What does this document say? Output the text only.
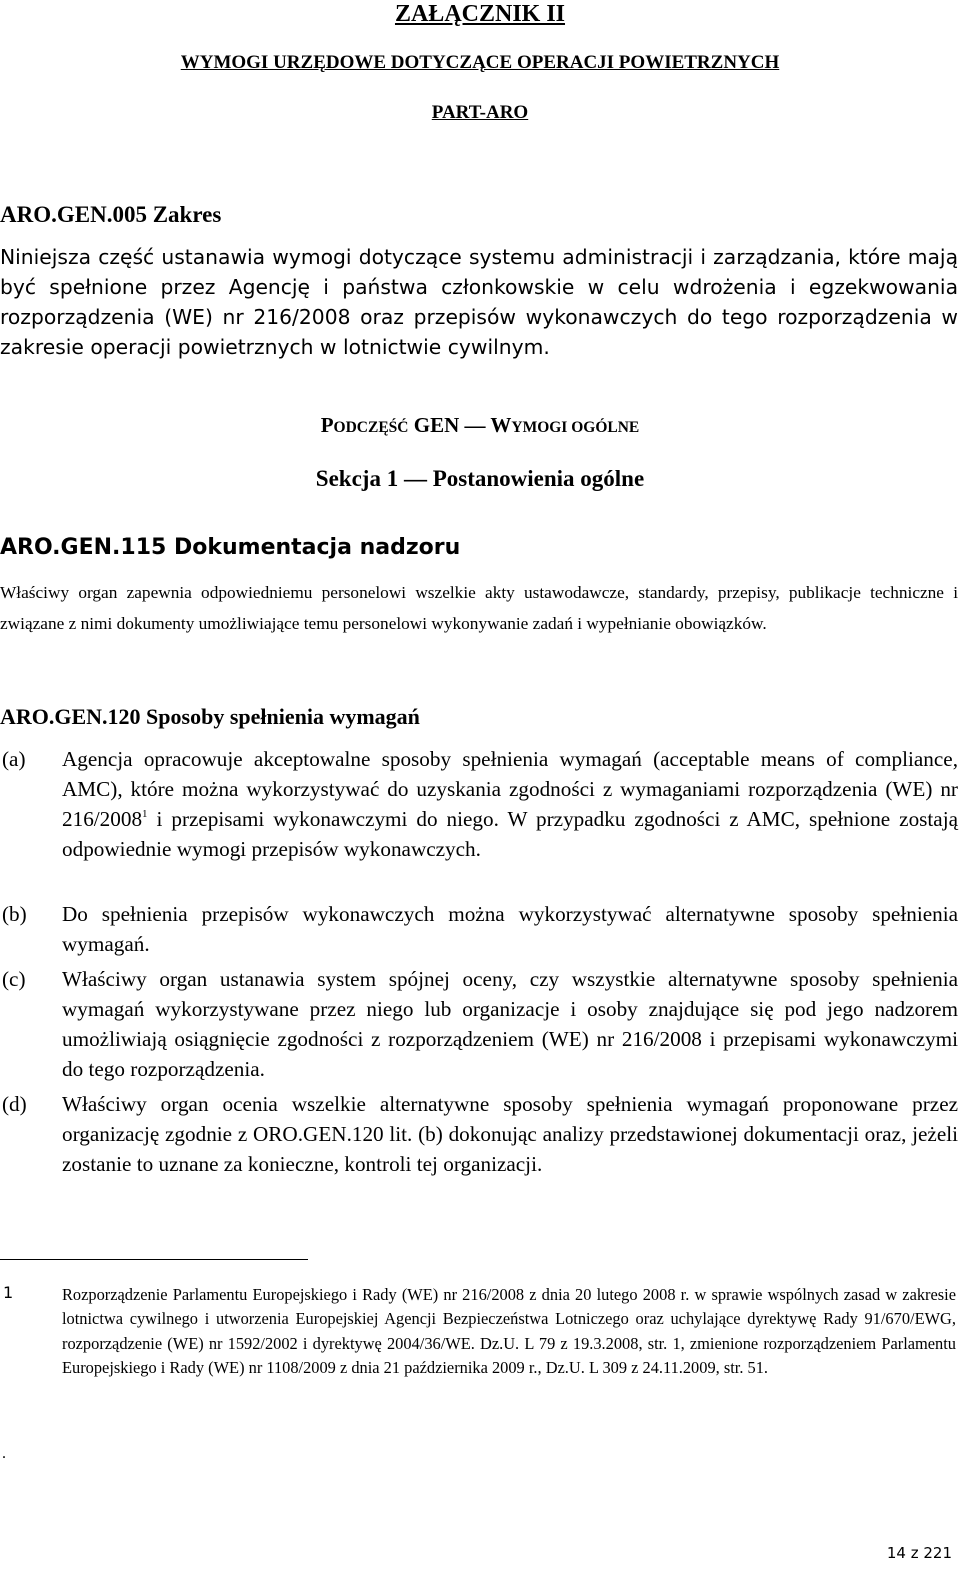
ZAŁĄCZNIK II
WYMOGI URZĘDOWE DOTYCZĄCE OPERACJI POWIETRZNYCH
PART-ARO
ARO.GEN.005 Zakres
Niniejsza część ustanawia wymogi dotyczące systemu administracji i zarządzania, które mają być spełnione przez Agencję i państwa członkowskie w celu wdrożenia i egzekwowania rozporządzenia (WE) nr 216/2008 oraz przepisów wykonawczych do tego rozporządzenia w zakresie operacji powietrznych w lotnictwie cywilnym.
PODCZĘŚĆ GEN — WYMOGI OGÓLNE
Sekcja 1 — Postanowienia ogólne
ARO.GEN.115 Dokumentacja nadzoru
Właściwy organ zapewnia odpowiedniemu personelowi wszelkie akty ustawodawcze, standardy, przepisy, publikacje techniczne i związane z nimi dokumenty umożliwiające temu personelowi wykonywanie zadań i wypełnianie obowiązków.
ARO.GEN.120 Sposoby spełnienia wymagań
(a) Agencja opracowuje akceptowalne sposoby spełnienia wymagań (acceptable means of compliance, AMC), które można wykorzystywać do uzyskania zgodności z wymaganiami rozporządzenia (WE) nr 216/2008$^1$ i przepisami wykonawczymi do niego. W przypadku zgodności z AMC, spełnione zostają odpowiednie wymogi przepisów wykonawczych.
(b) Do spełnienia przepisów wykonawczych można wykorzystywać alternatywne sposoby spełnienia wymagań.
(c) Właściwy organ ustanawia system spójnej oceny, czy wszystkie alternatywne sposoby spełnienia wymagań wykorzystywane przez niego lub organizacje i osoby znajdujące się pod jego nadzorem umożliwiają osiągnięcie zgodności z rozporządzeniem (WE) nr 216/2008 i przepisami wykonawczymi do tego rozporządzenia.
(d) Właściwy organ ocenia wszelkie alternatywne sposoby spełnienia wymagań proponowane przez organizację zgodnie z ORO.GEN.120 lit. (b) dokonując analizy przedstawionej dokumentacji oraz, jeżeli zostanie to uznane za konieczne, kontroli tej organizacji.
1	Rozporządzenie Parlamentu Europejskiego i Rady (WE) nr 216/2008 z dnia 20 lutego 2008 r. w sprawie wspólnych zasad w zakresie lotnictwa cywilnego i utworzenia Europejskiej Agencji Bezpieczeństwa Lotniczego oraz uchylające dyrektywę Rady 91/670/EWG, rozporządzenie (WE) nr 1592/2002 i dyrektywę 2004/36/WE. Dz.U. L 79 z 19.3.2008, str. 1, zmienione rozporządzeniem Parlamentu Europejskiego i Rady (WE) nr 1108/2009 z dnia 21 października 2009 r., Dz.U. L 309 z 24.11.2009, str. 51.
.
14 z 221
